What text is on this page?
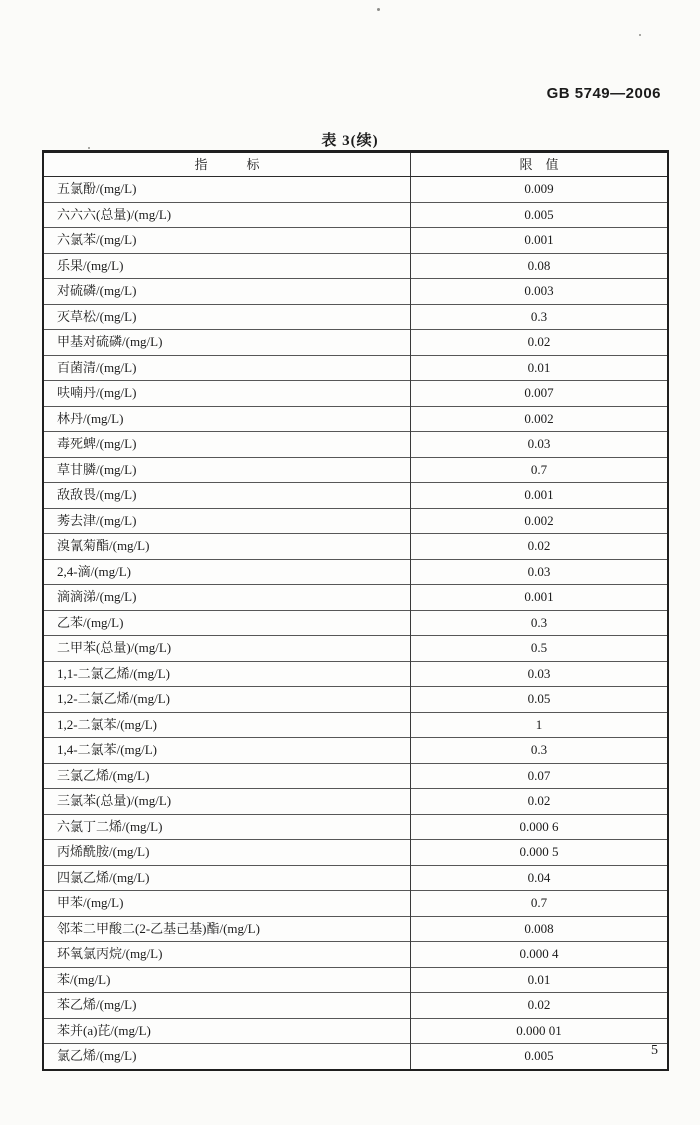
GB 5749—2006
表 3(续)
指　　　标	限　值
五氯酚/(mg/L)	0.009
六六六(总量)/(mg/L)	0.005
六氯苯/(mg/L)	0.001
乐果/(mg/L)	0.08
对硫磷/(mg/L)	0.003
灭草松/(mg/L)	0.3
甲基对硫磷/(mg/L)	0.02
百菌清/(mg/L)	0.01
呋喃丹/(mg/L)	0.007
林丹/(mg/L)	0.002
毒死蜱/(mg/L)	0.03
草甘膦/(mg/L)	0.7
敌敌畏/(mg/L)	0.001
莠去津/(mg/L)	0.002
溴氰菊酯/(mg/L)	0.02
2,4-滴/(mg/L)	0.03
滴滴涕/(mg/L)	0.001
乙苯/(mg/L)	0.3
二甲苯(总量)/(mg/L)	0.5
1,1-二氯乙烯/(mg/L)	0.03
1,2-二氯乙烯/(mg/L)	0.05
1,2-二氯苯/(mg/L)	1
1,4-二氯苯/(mg/L)	0.3
三氯乙烯/(mg/L)	0.07
三氯苯(总量)/(mg/L)	0.02
六氯丁二烯/(mg/L)	0.000 6
丙烯酰胺/(mg/L)	0.000 5
四氯乙烯/(mg/L)	0.04
甲苯/(mg/L)	0.7
邻苯二甲酸二(2-乙基己基)酯/(mg/L)	0.008
环氧氯丙烷/(mg/L)	0.000 4
苯/(mg/L)	0.01
苯乙烯/(mg/L)	0.02
苯并(a)芘/(mg/L)	0.000 01
氯乙烯/(mg/L)	0.005	5
